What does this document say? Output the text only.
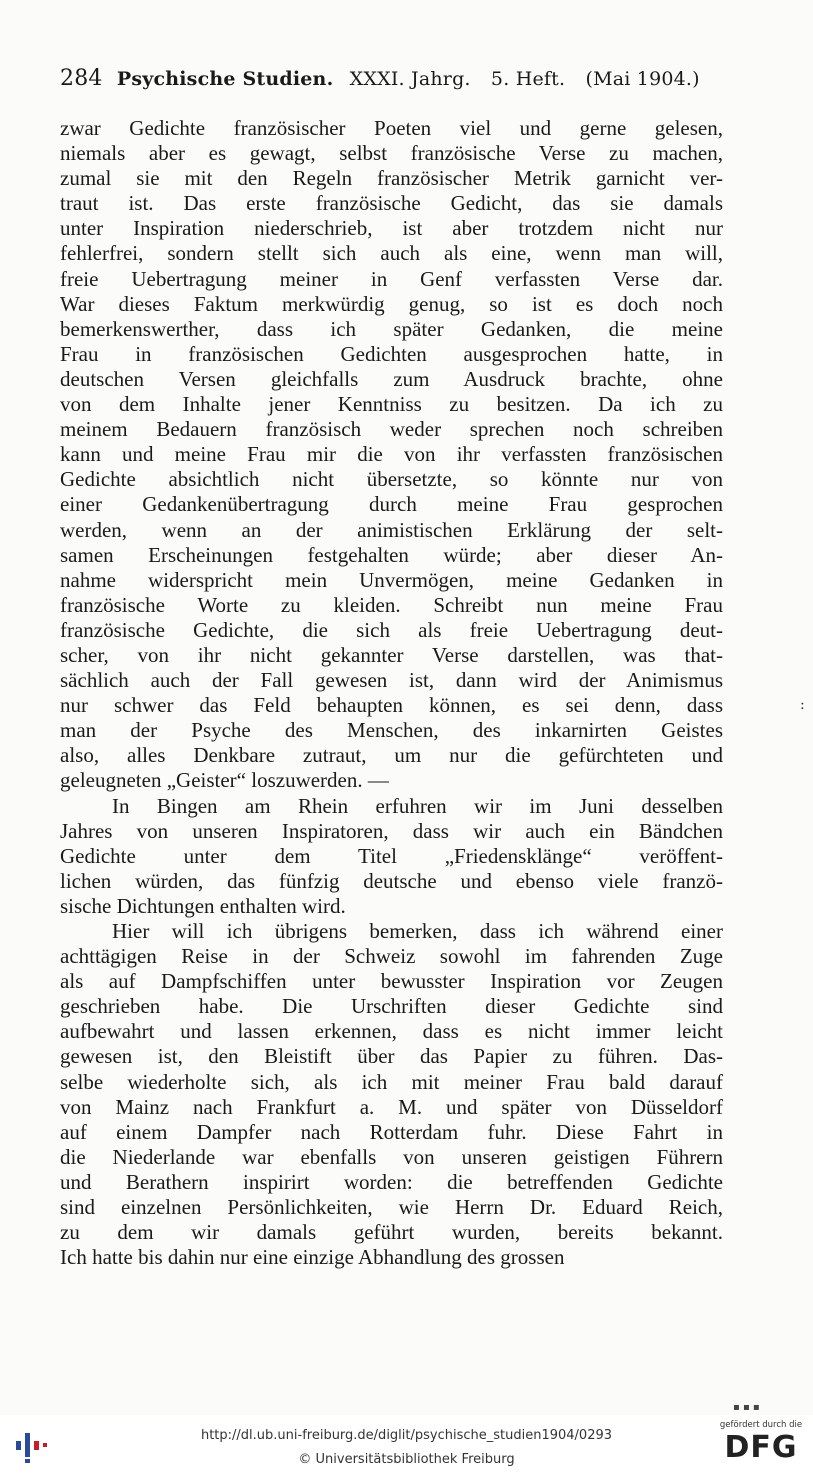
284 Psychische Studien. XXXI. Jahrg. 5. Heft. (Mai 1904.)
zwar Gedichte französischer Poeten viel und gerne gelesen,
niemals aber es gewagt, selbst französische Verse zu machen,
zumal sie mit den Regeln französischer Metrik garnicht ver-
traut ist. Das erste französische Gedicht, das sie damals
unter Inspiration niederschrieb, ist aber trotzdem nicht nur
fehlerfrei, sondern stellt sich auch als eine, wenn man will,
freie Uebertragung meiner in Genf verfassten Verse dar.
War dieses Faktum merkwürdig genug, so ist es doch noch
bemerkenswerther, dass ich später Gedanken, die meine
Frau in französischen Gedichten ausgesprochen hatte, in
deutschen Versen gleichfalls zum Ausdruck brachte, ohne
von dem Inhalte jener Kenntniss zu besitzen. Da ich zu
meinem Bedauern französisch weder sprechen noch schreiben
kann und meine Frau mir die von ihr verfassten französischen
Gedichte absichtlich nicht übersetzte, so könnte nur von
einer Gedankenübertragung durch meine Frau gesprochen
werden, wenn an der animistischen Erklärung der selt-
samen Erscheinungen festgehalten würde; aber dieser An-
nahme widerspricht mein Unvermögen, meine Gedanken in
französische Worte zu kleiden. Schreibt nun meine Frau
französische Gedichte, die sich als freie Uebertragung deut-
scher, von ihr nicht gekannter Verse darstellen, was that-
sächlich auch der Fall gewesen ist, dann wird der Animismus
nur schwer das Feld behaupten können, es sei denn, dass
man der Psyche des Menschen, des inkarnirten Geistes
also, alles Denkbare zutraut, um nur die gefürchteten und
geleugneten „Geister“ loszuwerden. —
In Bingen am Rhein erfuhren wir im Juni desselben
Jahres von unseren Inspiratoren, dass wir auch ein Bändchen
Gedichte unter dem Titel „Friedensklänge“ veröffent-
lichen würden, das fünfzig deutsche und ebenso viele franzö-
sische Dichtungen enthalten wird.
Hier will ich übrigens bemerken, dass ich während einer
achttägigen Reise in der Schweiz sowohl im fahrenden Zuge
als auf Dampfschiffen unter bewusster Inspiration vor Zeugen
geschrieben habe. Die Urschriften dieser Gedichte sind
aufbewahrt und lassen erkennen, dass es nicht immer leicht
gewesen ist, den Bleistift über das Papier zu führen. Das-
selbe wiederholte sich, als ich mit meiner Frau bald darauf
von Mainz nach Frankfurt a. M. und später von Düsseldorf
auf einem Dampfer nach Rotterdam fuhr. Diese Fahrt in
die Niederlande war ebenfalls von unseren geistigen Führern
und Berathern inspirirt worden: die betreffenden Gedichte
sind einzelnen Persönlichkeiten, wie Herrn Dr. Eduard Reich,
zu dem wir damals geführt wurden, bereits bekannt.
Ich hatte bis dahin nur eine einzige Abhandlung des grossen
:
▪ ▪ ▪
http://dl.ub.uni-freiburg.de/diglit/psychische_studien1904/0293
© Universitätsbibliothek Freiburg
gefördert durch die
DFG
